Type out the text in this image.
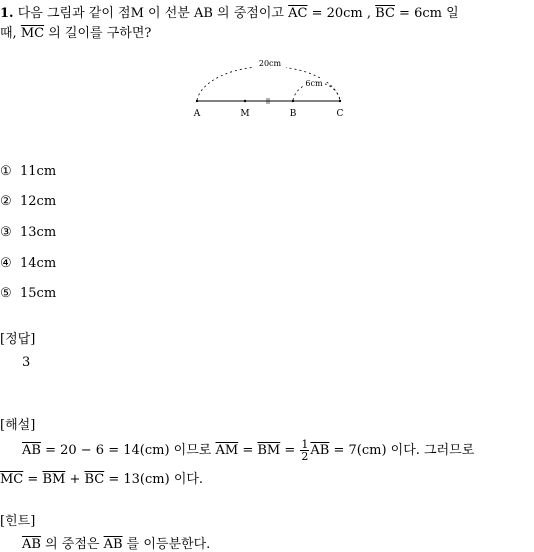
1. 다음 그림과 같이 점M 이 선분 AB 의 중점이고 $\overline{AC} = 20cm$ , $\overline{BC} = 6cm$ 일
때, $\overline{MC}$ 의 길이를 구하면?
20cm
6cm
A	M	B	C
① 11cm
② 12cm
③ 13cm
④ 14cm
⑤ 15cm
[정답]
3
[해설]
$\overline{AB} = 20 - 6 = 14(cm)$ 이므로 $\overline{AM} = \overline{BM} = \frac{1}{2} \overline{AB} = 7(cm)$ 이다. 그러므로
$\overline{MC} = \overline{BM} + \overline{BC} = 13(cm)$ 이다.
[힌트]
$\overline{AB}$ 의 중점은 $\overline{AB}$ 를 이등분한다.
